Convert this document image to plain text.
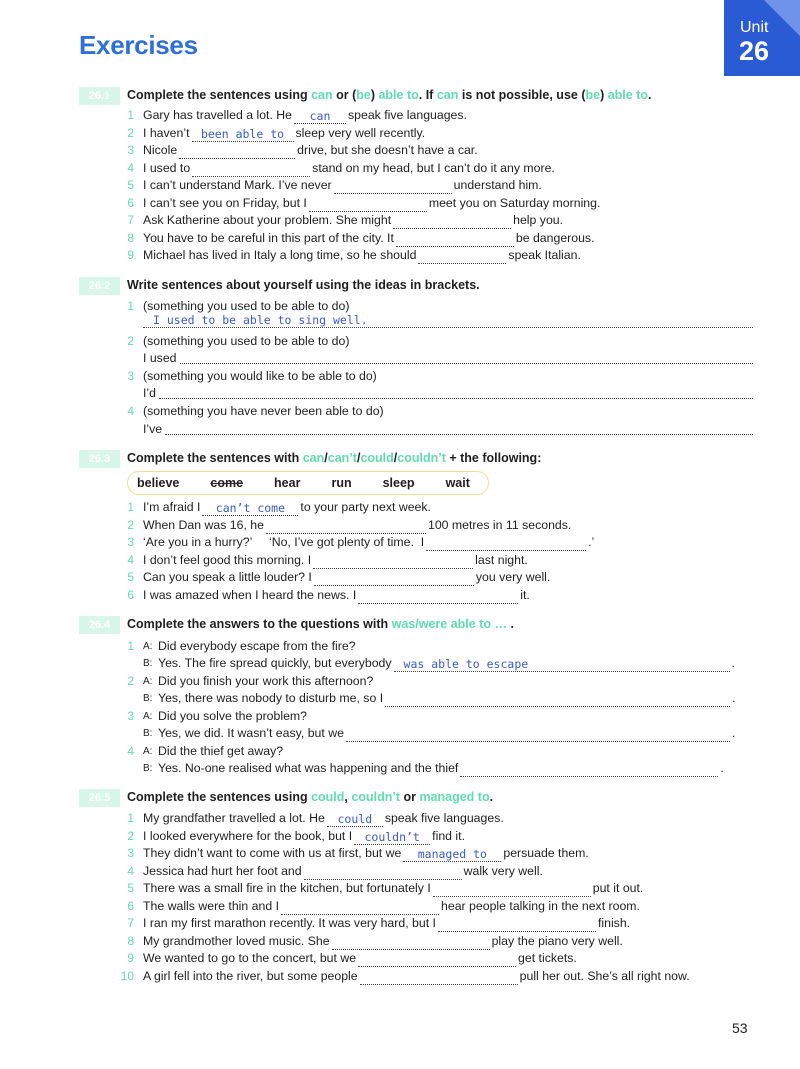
Exercises
Unit
26
26.1	Complete the sentences using can or (be) able to. If can is not possible, use (be) able to.
1 Gary has travelled a lot. He	can	speak five languages.
2 I haven’t been able to sleep very well recently.
3 Nicole	drive, but she doesn’t have a car.
4 I used to	stand on my head, but I can’t do it any more.
5 I can’t understand Mark. I’ve never	understand him.
6 I can’t see you on Friday, but I	meet you on Saturday morning.
7 Ask Katherine about your problem. She might	help you.
8 You have to be careful in this part of the city. It	be dangerous.
9 Michael has lived in Italy a long time, so he should	speak Italian.
26.2	Write sentences about yourself using the ideas in brackets.
1 (something you used to be able to do)
I used to be able to sing well.
2 (something you used to be able to do)
I used
3 (something you would like to be able to do)
I’d
4 (something you have never been able to do)
I’ve
26.3	Complete the sentences with can/can’t/could/couldn’t + the following:
believe come hear run sleep wait
1 I’m afraid I	can’t come	to your party next week.
2 When Dan was 16, he	100 metres in 11 seconds.
3 ‘Are you in a hurry?’     ‘No, I’ve got plenty of time.  I	.’
4 I don’t feel good this morning. I	last night.
5 Can you speak a little louder? I	you very well.
6 I was amazed when I heard the news. I	it.
26.4	Complete the answers to the questions with was/were able to … .
1 A: Did everybody escape from the fire?
B: Yes. The fire spread quickly, but everybody	was able to escape	.
2 A: Did you finish your work this afternoon?
B: Yes, there was nobody to disturb me, so I	.
3 A: Did you solve the problem?
B: Yes, we did. It wasn’t easy, but we	.
4 A: Did the thief get away?
B: Yes. No-one realised what was happening and the thief	.
26.5	Complete the sentences using could, couldn’t or managed to.
1 My grandfather travelled a lot. He	could	speak five languages.
2 I looked everywhere for the book, but I	couldn’t	find it.
3 They didn’t want to come with us at first, but we	managed to	persuade them.
4 Jessica had hurt her foot and	walk very well.
5 There was a small fire in the kitchen, but fortunately I	put it out.
6 The walls were thin and I	hear people talking in the next room.
7 I ran my first marathon recently. It was very hard, but I	finish.
8 My grandmother loved music. She	play the piano very well.
9 We wanted to go to the concert, but we	get tickets.
10 A girl fell into the river, but some people	pull her out. She’s all right now.
53
